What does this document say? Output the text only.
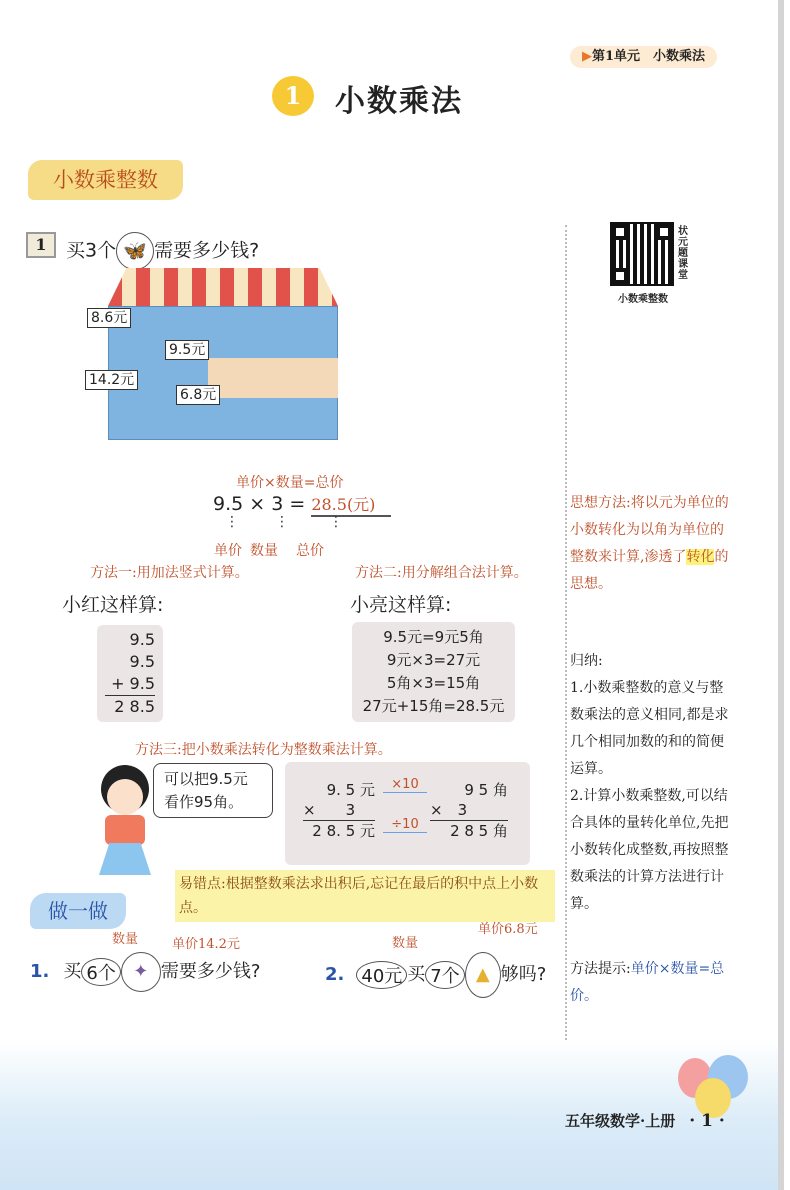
▶第1单元　小数乘法
1	小数乘法
小数乘整数
1	买3个 🦋 需要多少钱?
状元题课堂
小数乘整数
8.6元
9.5元
14.2元
6.8元
单价×数量=总价
9.5 × 3 = 28.5(元)
⋮	⋮	⋮
单价 数量 总价
方法一:用加法竖式计算。	方法二:用分解组合法计算。
小红这样算:	小亮这样算:
9.5
9.5
+ 9.5
2 8.5
9.5元=9元5角
9元×3=27元
5角×3=15角
27元+15角=28.5元
方法三:把小数乘法转化为整数乘法计算。
可以把9.5元
看作95角。
9. 5 元
×　　3
2 8. 5 元
9 5 角
×　3
2 8 5 角
×10
÷10
易错点:根据整数乘法求出积后,忘记在最后的积中点上小数点。
做一做
1. 买 6个 ✦ 需要多少钱?
数量	单价14.2元
2. 40元 买 7个 ▲ 够吗?
数量
单价6.8元
思想方法:将以元为单位的小数转化为以角为单位的整数来计算,渗透了转化的思想。
归纳:
1.小数乘整数的意义与整数乘法的意义相同,都是求几个相同加数的和的简便运算。
2.计算小数乘整数,可以结合具体的量转化单位,先把小数转化成整数,再按照整数乘法的计算方法进行计算。
方法提示:单价×数量=总价。
五年级数学·上册 · 1 ·
